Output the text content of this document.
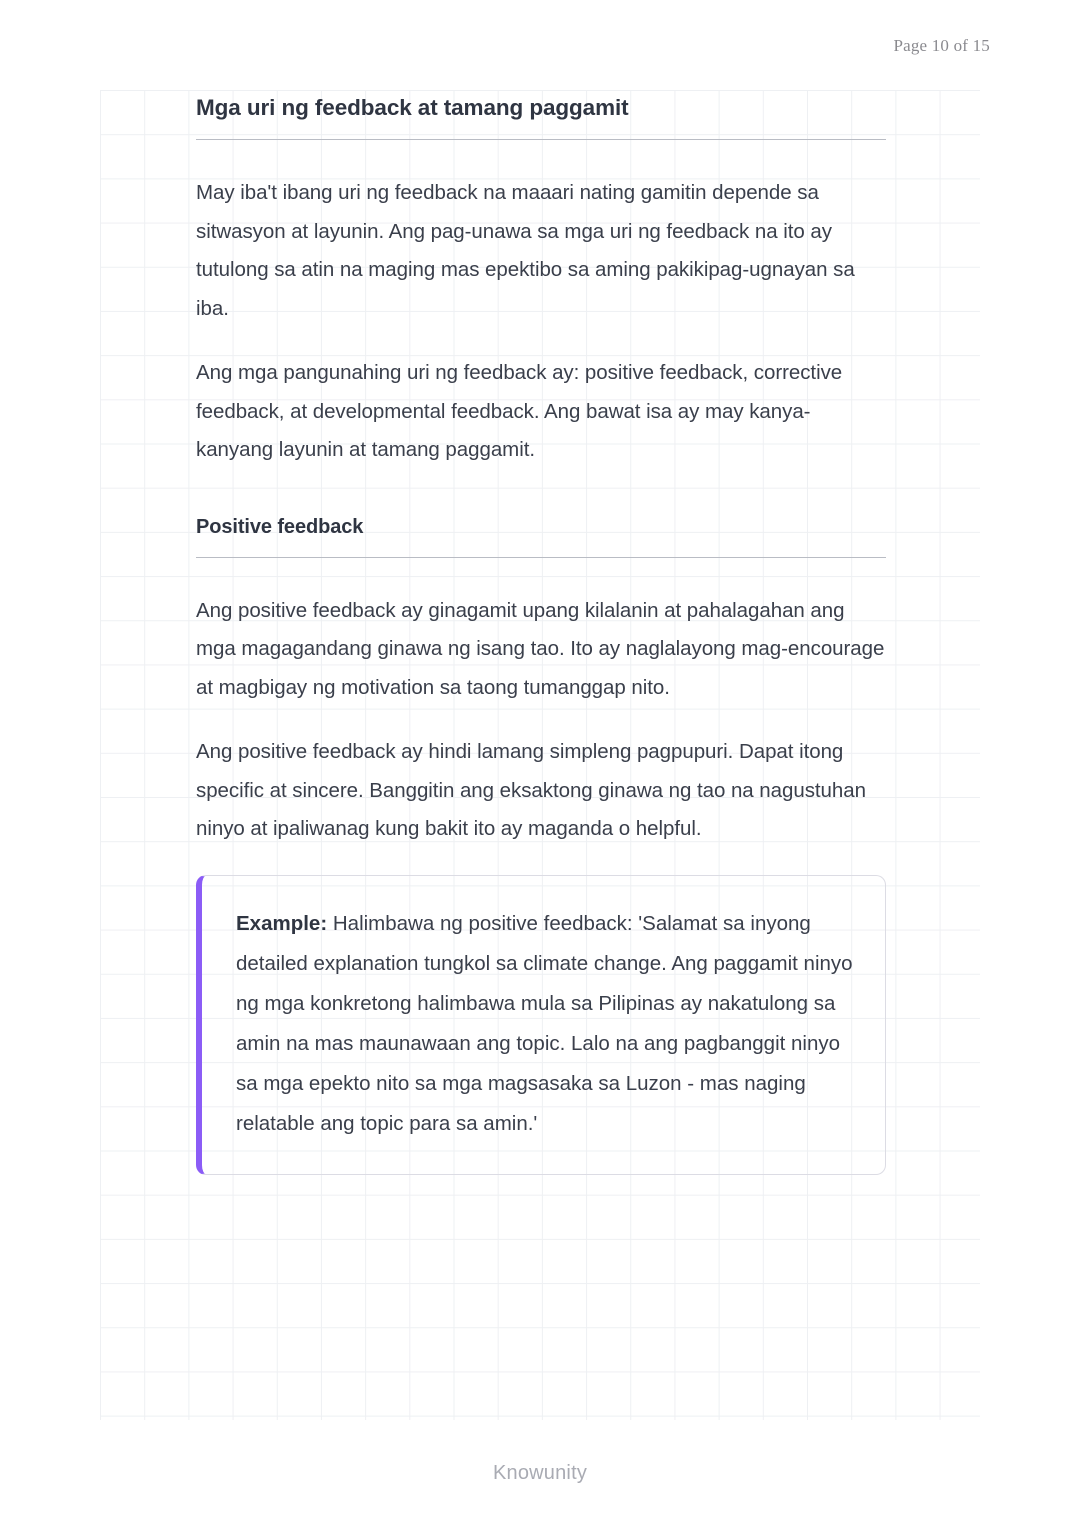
Page 10 of 15
Mga uri ng feedback at tamang paggamit

May iba't ibang uri ng feedback na maaari nating gamitin depende sa sitwasyon at layunin. Ang pag-unawa sa mga uri ng feedback na ito ay tutulong sa atin na maging mas epektibo sa aming pakikipag-ugnayan sa iba.

Ang mga pangunahing uri ng feedback ay: positive feedback, corrective feedback, at developmental feedback. Ang bawat isa ay may kanya-kanyang layunin at tamang paggamit.

Positive feedback

Ang positive feedback ay ginagamit upang kilalanin at pahalagahan ang mga magagandang ginawa ng isang tao. Ito ay naglalayong mag-encourage at magbigay ng motivation sa taong tumanggap nito.

Ang positive feedback ay hindi lamang simpleng pagpupuri. Dapat itong specific at sincere. Banggitin ang eksaktong ginawa ng tao na nagustuhan ninyo at ipaliwanag kung bakit ito ay maganda o helpful.

Example: Halimbawa ng positive feedback: 'Salamat sa inyong detailed explanation tungkol sa climate change. Ang paggamit ninyo ng mga konkretong halimbawa mula sa Pilipinas ay nakatulong sa amin na mas maunawaan ang topic. Lalo na ang pagbanggit ninyo sa mga epekto nito sa mga magsasaka sa Luzon - mas naging relatable ang topic para sa amin.'

Knowunity
